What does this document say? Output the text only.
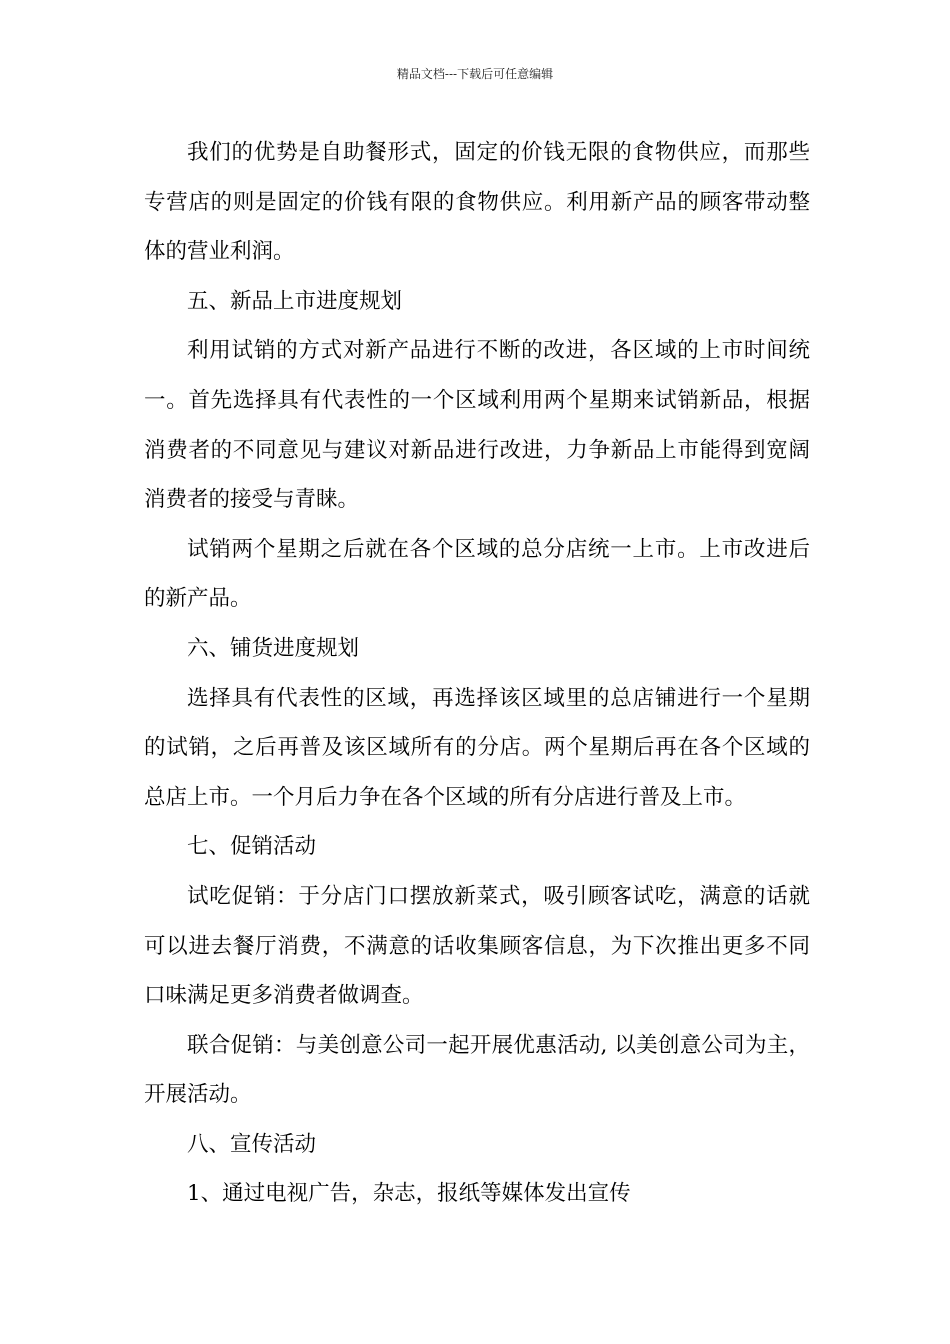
精品文档---下载后可任意编辑

我们的优势是自助餐形式，固定的价钱无限的食物供应，而那些专营店的则是固定的价钱有限的食物供应。利用新产品的顾客带动整体的营业利润。

五、新品上市进度规划

利用试销的方式对新产品进行不断的改进，各区域的上市时间统一。首先选择具有代表性的一个区域利用两个星期来试销新品，根据消费者的不同意见与建议对新品进行改进，力争新品上市能得到宽阔消费者的接受与青睐。

试销两个星期之后就在各个区域的总分店统一上市。上市改进后的新产品。

六、铺货进度规划

选择具有代表性的区域，再选择该区域里的总店铺进行一个星期的试销，之后再普及该区域所有的分店。两个星期后再在各个区域的总店上市。一个月后力争在各个区域的所有分店进行普及上市。

七、促销活动

试吃促销：于分店门口摆放新菜式，吸引顾客试吃，满意的话就可以进去餐厅消费，不满意的话收集顾客信息，为下次推出更多不同口味满足更多消费者做调查。

联合促销：与美创意公司一起开展优惠活动, 以美创意公司为主，开展活动。

八、宣传活动

1、通过电视广告，杂志，报纸等媒体发出宣传
